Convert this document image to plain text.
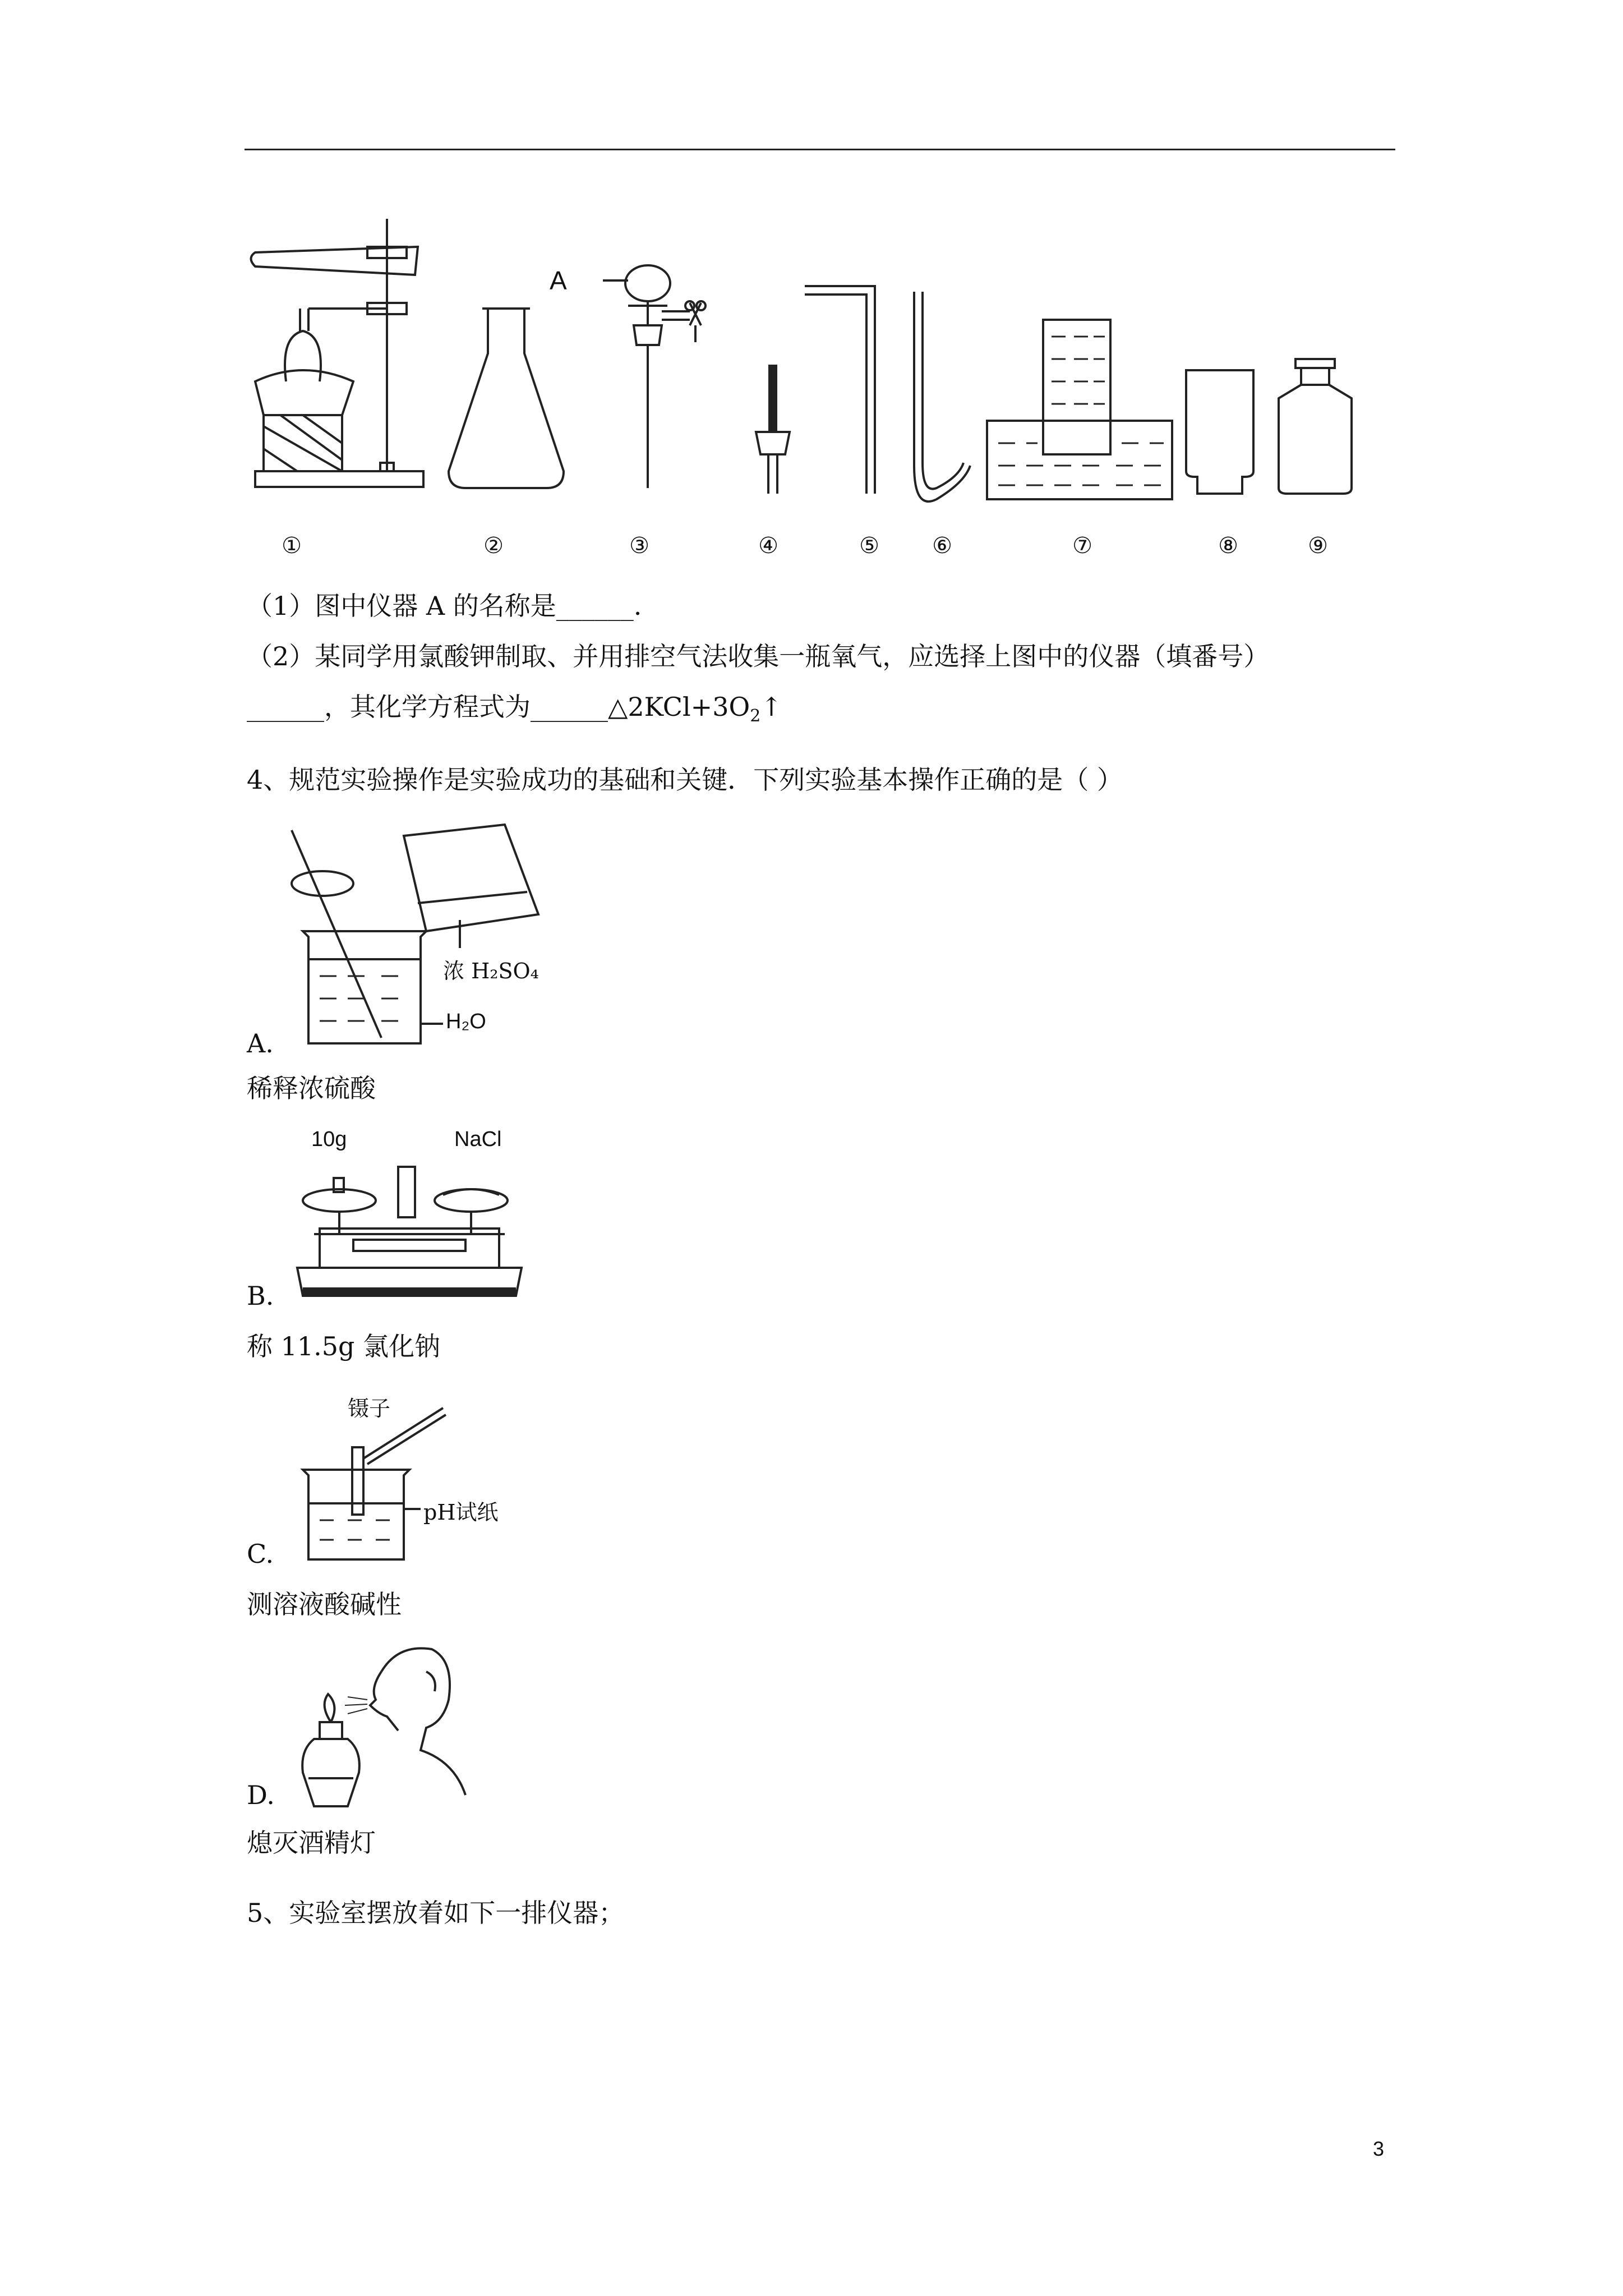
①	②
A
③	④	⑤	⑥	⑦	⑧	⑨
（1）图中仪器 A 的名称是______.
（2）某同学用氯酸钾制取、并用排空气法收集一瓶氧气，应选择上图中的仪器（填番号）
______，其化学方程式为$\_\_\_\_\_\_\triangle 2KCl+3O_2↑$
4、规范实验操作是实验成功的基础和关键．下列实验基本操作正确的是（ ）
浓 H₂SO₄
H₂O
A.
稀释浓硫酸
10g	NaCl
B.
称 11.5g 氯化钠
镊子
pH试纸
C.
测溶液酸碱性
D.
熄灭酒精灯
5、实验室摆放着如下一排仪器；
3
